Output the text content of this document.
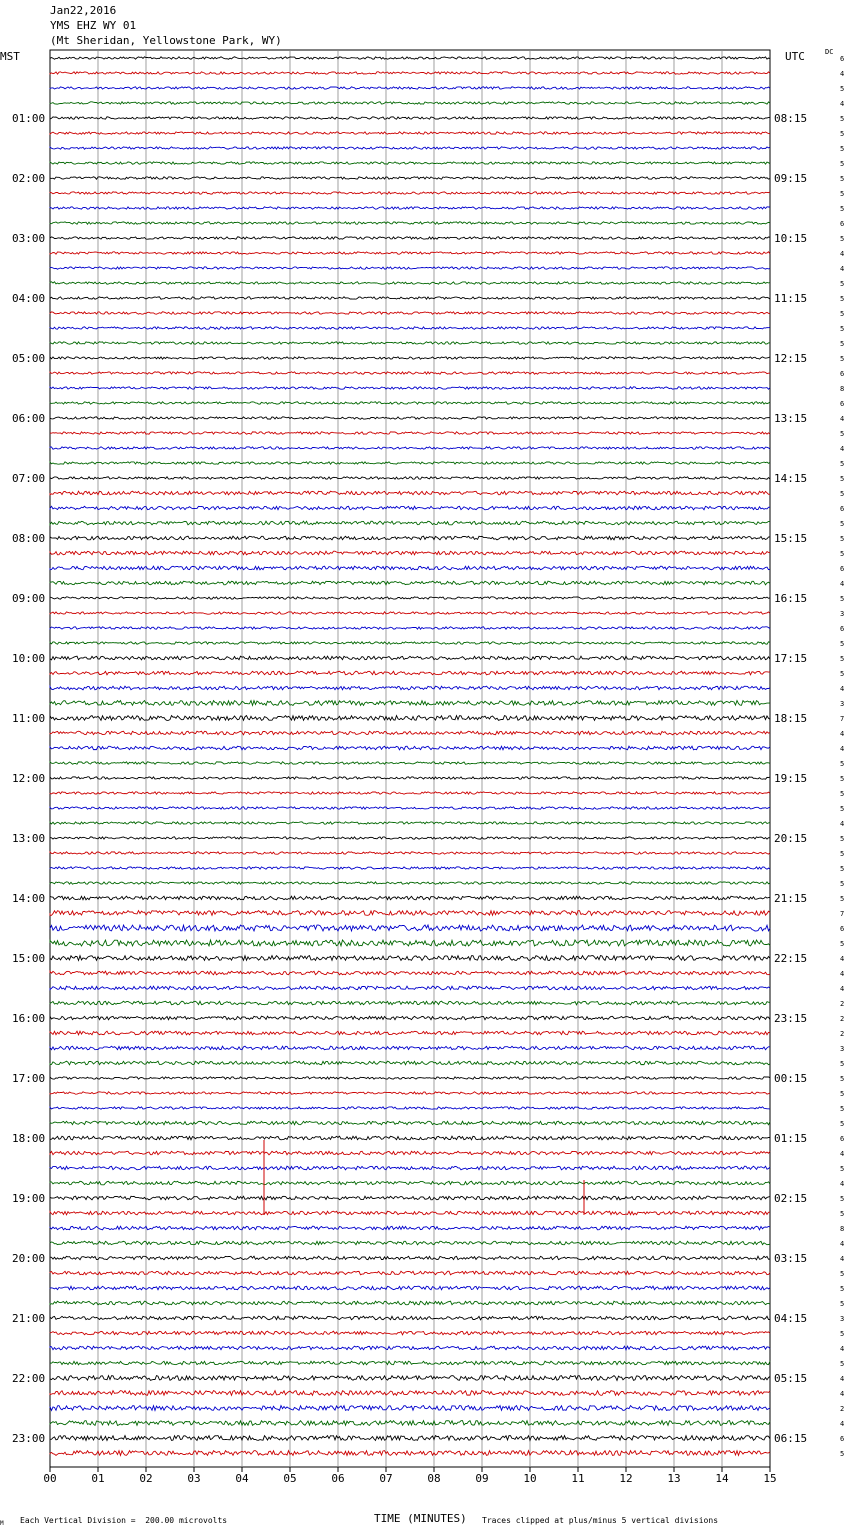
Jan22,2016
YMS EHZ WY 01
(Mt Sheridan, Yellowstone Park, WY)
MST	UTC	DC
00	01	02	03	04	05	06	07	08	09	10	11	12	13	14	15
6
4
5
4
5
5
5
5
5
5
5
6
5
4
4
5
5
5
5
5
5
6
8
6
4
5
4
5
5
5
6
5
5
5
6
4
5
3
6
5
5
5
4
3
7
4
4
5
5
5
5
4
5
5
5
5
5
7
6
5
4
4
4
2
2
2
3
5
5
5
5
5
6
4
5
4
5
5
8
4
4
5
5
5
3
5
4
5
4
4
2
4
6
5
01:00
02:00
03:00
04:00
05:00
06:00
07:00
08:00
09:00
10:00
11:00
12:00
13:00
14:00
15:00
16:00
17:00
18:00
19:00
20:00
21:00
22:00
23:00
08:15
09:15
10:15
11:15
12:15
13:15
14:15
15:15
16:15
17:15
18:15
19:15
20:15
21:15
22:15
23:15
00:15
01:15
02:15
03:15
04:15
05:15
06:15
M Each Vertical Division =  200.00 microvolts	TIME (MINUTES) Traces clipped at plus/minus 5 vertical divisions
